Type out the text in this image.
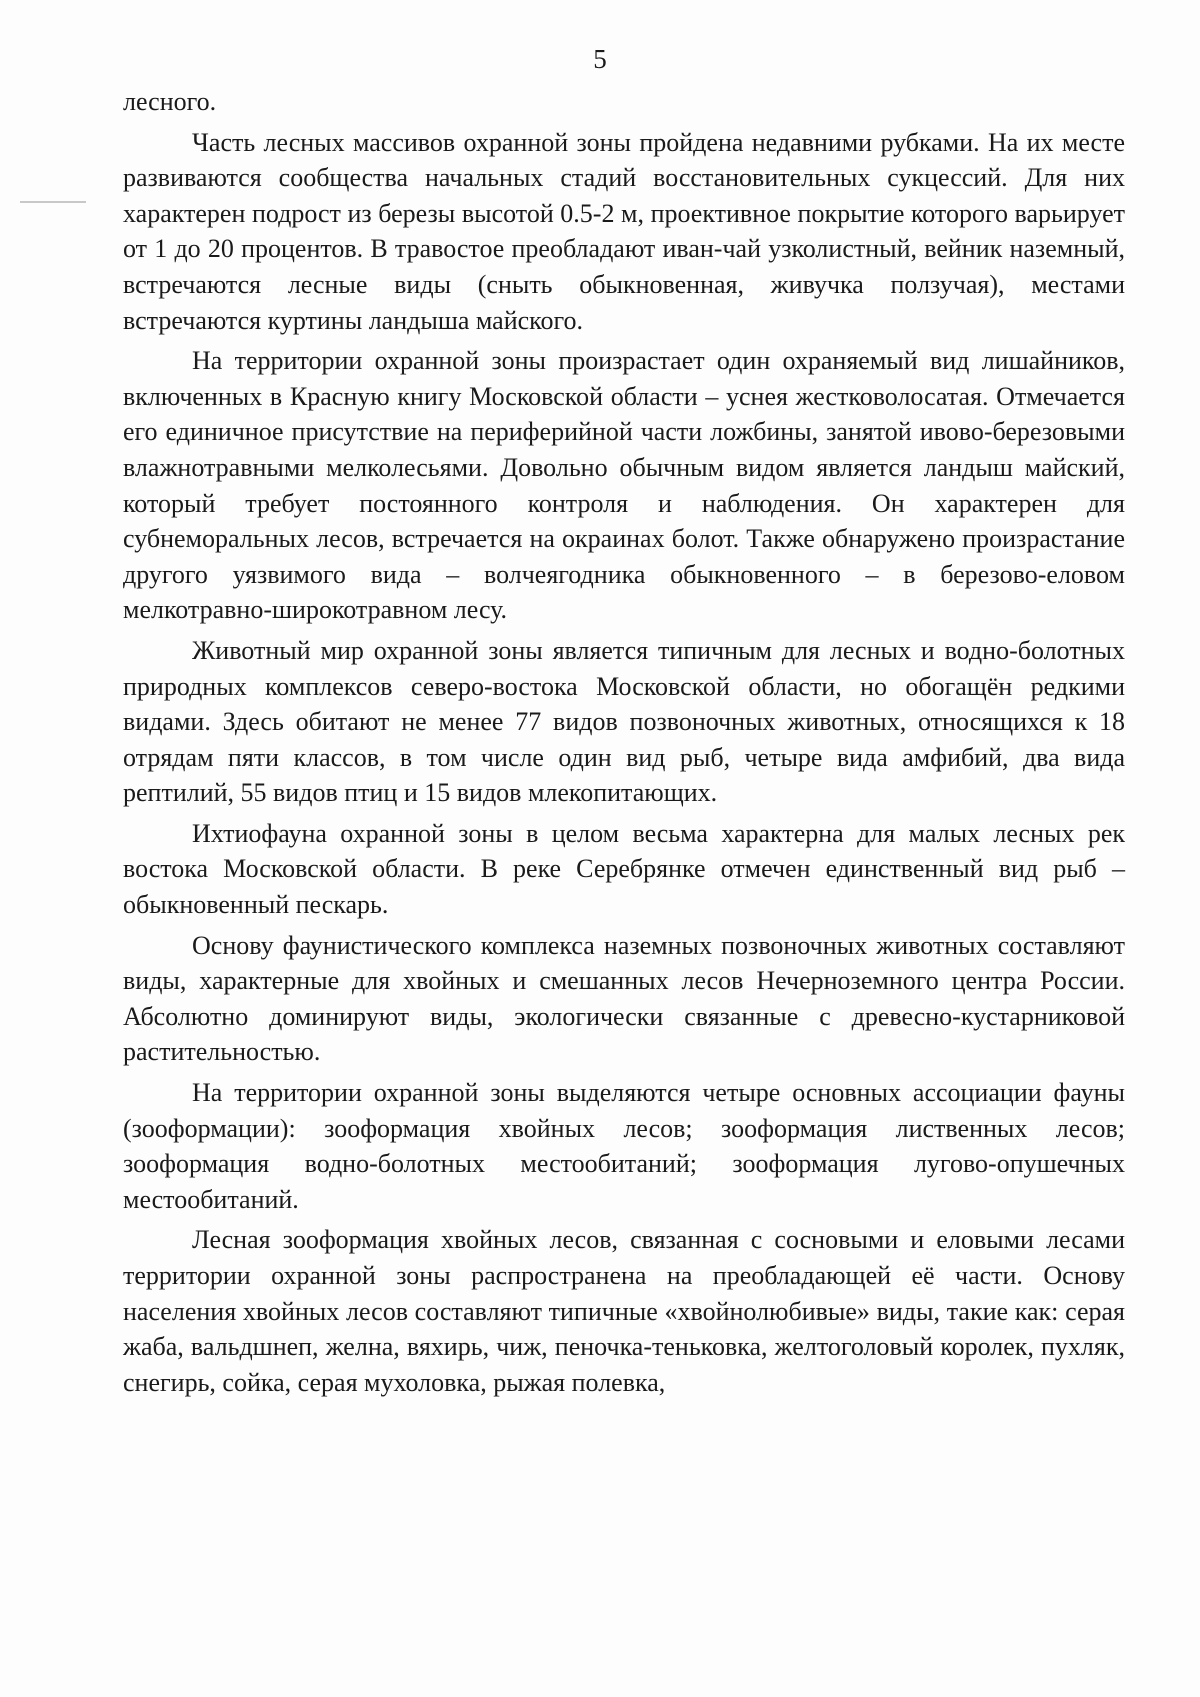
5

лесного.

Часть лесных массивов охранной зоны пройдена недавними рубками. На их месте развиваются сообщества начальных стадий восстановительных сукцессий. Для них характерен подрост из березы высотой 0.5-2 м, проективное покрытие которого варьирует от 1 до 20 процентов. В травостое преобладают иван-чай узколистный, вейник наземный, встречаются лесные виды (сныть обыкновенная, живучка ползучая), местами встречаются куртины ландыша майского.

На территории охранной зоны произрастает один охраняемый вид лишайников, включенных в Красную книгу Московской области – уснея жестковолосатая. Отмечается его единичное присутствие на периферийной части ложбины, занятой ивово-березовыми влажнотравными мелколесьями. Довольно обычным видом является ландыш майский, который требует постоянного контроля и наблюдения. Он характерен для субнеморальных лесов, встречается на окраинах болот. Также обнаружено произрастание другого уязвимого вида – волчеягодника обыкновенного – в березово-еловом мелкотравно-широкотравном лесу.

Животный мир охранной зоны является типичным для лесных и водно-болотных природных комплексов северо-востока Московской области, но обогащён редкими видами. Здесь обитают не менее 77 видов позвоночных животных, относящихся к 18 отрядам пяти классов, в том числе один вид рыб, четыре вида амфибий, два вида рептилий, 55 видов птиц и 15 видов млекопитающих.

Ихтиофауна охранной зоны в целом весьма характерна для малых лесных рек востока Московской области. В реке Серебрянке отмечен единственный вид рыб – обыкновенный пескарь.

Основу фаунистического комплекса наземных позвоночных животных составляют виды, характерные для хвойных и смешанных лесов Нечерноземного центра России. Абсолютно доминируют виды, экологически связанные с древесно-кустарниковой растительностью.

На территории охранной зоны выделяются четыре основных ассоциации фауны (зооформации): зооформация хвойных лесов; зооформация лиственных лесов; зооформация водно-болотных местообитаний; зооформация лугово-опушечных местообитаний.

Лесная зооформация хвойных лесов, связанная с сосновыми и еловыми лесами территории охранной зоны распространена на преобладающей её части. Основу населения хвойных лесов составляют типичные «хвойнолюбивые» виды, такие как: серая жаба, вальдшнеп, желна, вяхирь, чиж, пеночка-теньковка, желтоголовый королек, пухляк, снегирь, сойка, серая мухоловка, рыжая полевка,
